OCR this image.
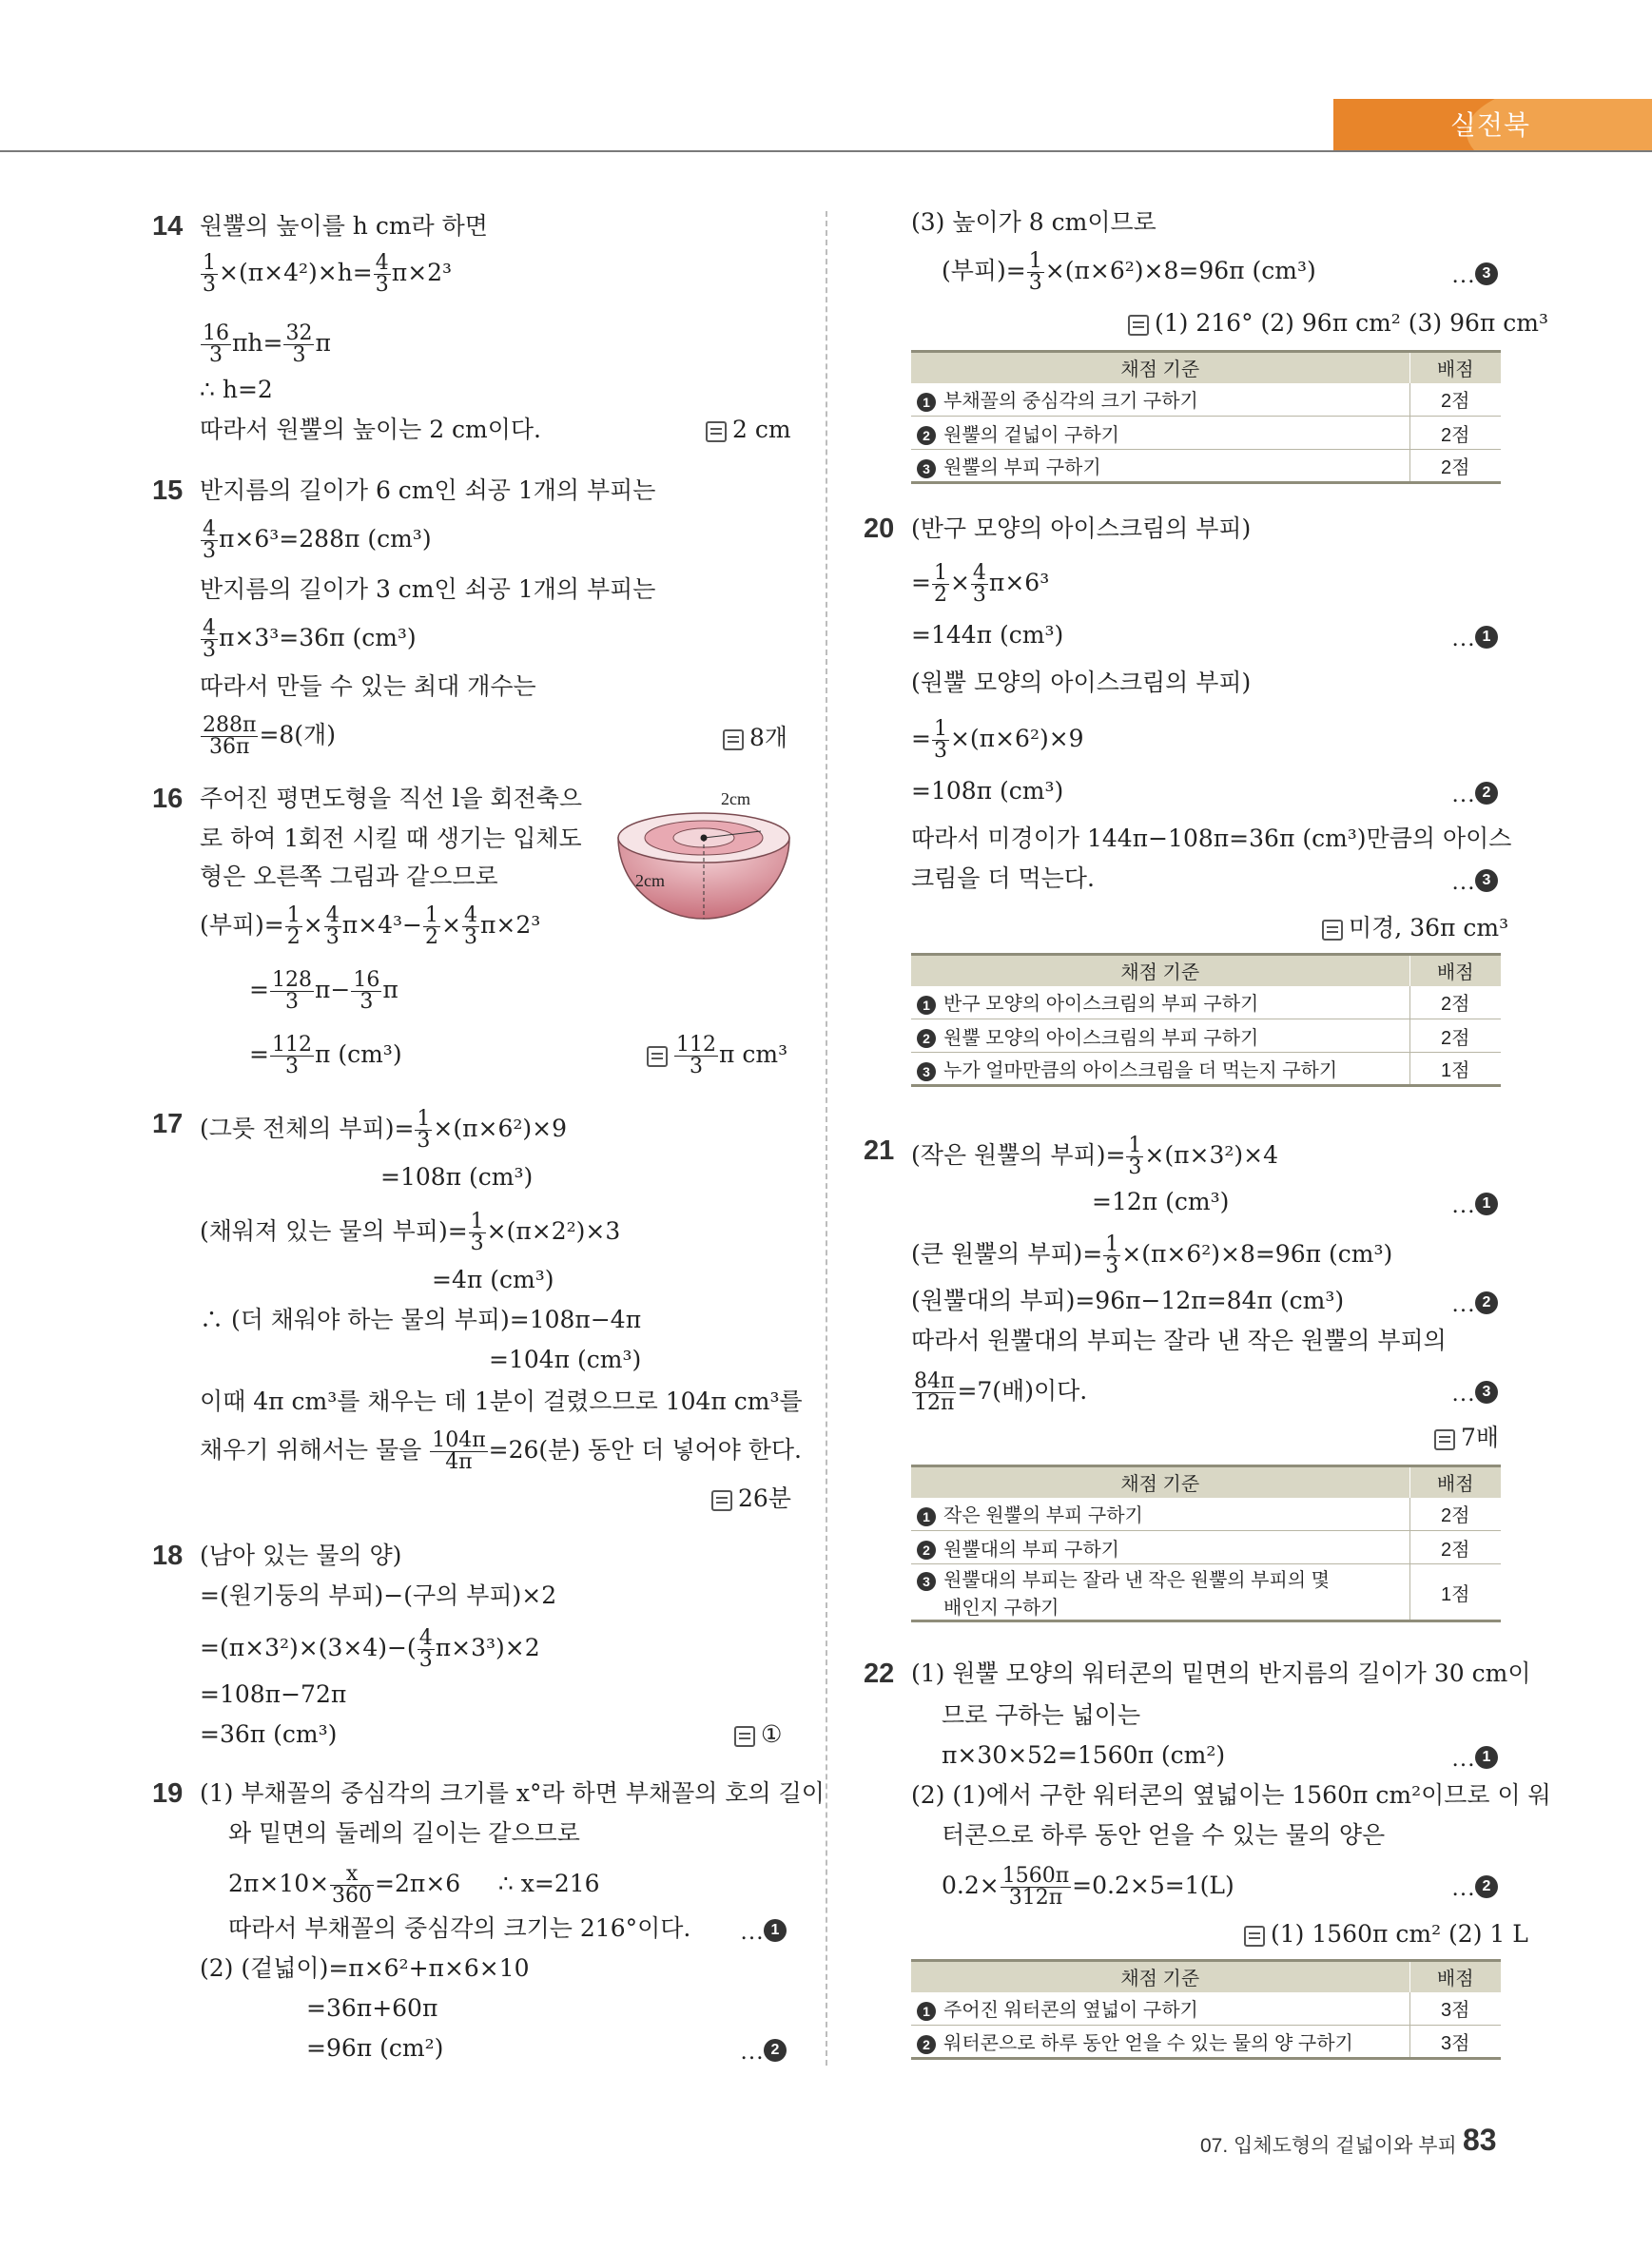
실전북
14 원뿔의 높이를 h cm라 하면
$\frac{1}{3} \times(\pi\times 4^2)\times h= \frac{4}{3} \pi\times 2^3$
$\frac{16}{3} \pi h= \frac{32}{3}$ π
∴ h=2
따라서 원뿔의 높이는 2 cm이다.	2 cm
15 반지름의 길이가 6 cm인 쇠공 1개의 부피는
$\frac{4}{3} \pi\times 6^3=288\pi$ (cm³)
반지름의 길이가 3 cm인 쇠공 1개의 부피는
$\frac{4}{3} \pi\times 3^3=36\pi$ (cm³)
따라서 만들 수 있는 최대 개수는
$\frac{288\pi}{36\pi} =8$(개)	8개
16 주어진 평면도형을 직선 l을 회전축으
로 하여 1회전 시킬 때 생기는 입체도
형은 오른쪽 그림과 같으므로
(부피)= $\frac{1}{2} \times \frac{4}{3} \pi\times 4^3- \frac{1}{2} \times \frac{4}{3} \pi\times 2^3$
= $\frac{128}{3} \pi- \frac{16}{3}$ π
= $\frac{112}{3}$ π (cm³)	$\frac{112}{3}$ π cm³
2cm
2cm
17 (그릇 전체의 부피)= $\frac{1}{3} \times(\pi\times 6^2)\times 9$
=108π (cm³)
(채워져 있는 물의 부피)= $\frac{1}{3} \times(\pi\times 2^2)\times 3$
=4π (cm³)
∴ (더 채워야 하는 물의 부피)=108π−4π
=104π (cm³)
이때 4π cm³를 채우는 데 1분이 걸렸으므로 104π cm³를
채우기 위해서는 물을 $\frac{104\pi}{4\pi} =26$(분) 동안 더 넣어야 한다.
26분
18 (남아 있는 물의 양)
=(원기둥의 부피)−(구의 부피)×2
$=(\pi\times 3^2)\times(3\times 4)-( \frac{4}{3} \pi\times 3^3)\times 2$
=108π−72π
=36π (cm³)	①
19 (1) 부채꼴의 중심각의 크기를 x°라 하면 부채꼴의 호의 길이
와 밑면의 둘레의 길이는 같으므로
$2\pi\times 10\times \frac{x}{360} =2\pi\times 6$ ∴ x=216
따라서 부채꼴의 중심각의 크기는 216°이다. … 1
(2) (겉넓이)=π×6²+π×6×10
=36π+60π
=96π (cm²)	… 2
(3) 높이가 8 cm이므로
(부피)= $\frac{1}{3} \times(\pi\times 6^2)\times 8=96\pi$ (cm³)	… 3
(1) 216° (2) 96π cm² (3) 96π cm³
채점 기준	배점
1 부채꼴의 중심각의 크기 구하기	2점
2 원뿔의 겉넓이 구하기	2점
3 원뿔의 부피 구하기	2점
20 (반구 모양의 아이스크림의 부피)
= $\frac{1}{2} \times \frac{4}{3} \pi\times 6^3$
=144π (cm³)	… 1
(원뿔 모양의 아이스크림의 부피)
= $\frac{1}{3} \times(\pi\times 6^2)\times 9$
=108π (cm³)	… 2
따라서 미경이가 144π−108π=36π (cm³)만큼의 아이스
크림을 더 먹는다.	… 3
미경, 36π cm³
채점 기준	배점
1 반구 모양의 아이스크림의 부피 구하기	2점
2 원뿔 모양의 아이스크림의 부피 구하기	2점
3 누가 얼마만큼의 아이스크림을 더 먹는지 구하기	1점
21 (작은 원뿔의 부피)= $\frac{1}{3} \times(\pi\times 3^2)\times 4$
=12π (cm³)	… 1
(큰 원뿔의 부피)= $\frac{1}{3} \times(\pi\times 6^2)\times 8=96\pi$ (cm³)
(원뿔대의 부피)=96π−12π=84π (cm³)	… 2
따라서 원뿔대의 부피는 잘라 낸 작은 원뿔의 부피의
$\frac{84\pi}{12\pi} =7$(배)이다.	… 3
7배
채점 기준	배점
1 작은 원뿔의 부피 구하기	2점
2 원뿔대의 부피 구하기	2점
3 원뿔대의 부피는 잘라 낸 작은 원뿔의 부피의 몇
배인지 구하기	1점
22 (1) 원뿔 모양의 워터콘의 밑면의 반지름의 길이가 30 cm이
므로 구하는 넓이는
π×30×52=1560π (cm²)	… 1
(2) (1)에서 구한 워터콘의 옆넓이는 1560π cm²이므로 이 워
터콘으로 하루 동안 얻을 수 있는 물의 양은
$0.2\times \frac{1560\pi}{312\pi} =0.2\times 5=1(L)$	… 2
(1) 1560π cm² (2) 1 L
채점 기준	배점
1 주어진 워터콘의 옆넓이 구하기	3점
2 워터콘으로 하루 동안 얻을 수 있는 물의 양 구하기	3점
07. 입체도형의 겉넓이와 부피 83
